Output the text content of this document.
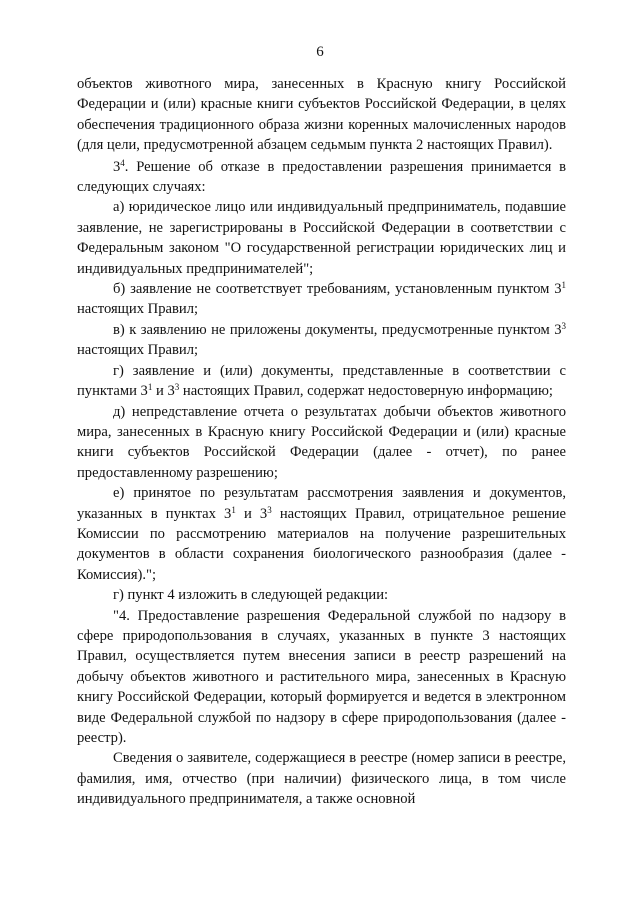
6

объектов животного мира, занесенных в Красную книгу Российской Федерации и (или) красные книги субъектов Российской Федерации, в целях обеспечения традиционного образа жизни коренных малочисленных народов (для цели, предусмотренной абзацем седьмым пункта 2 настоящих Правил).

$3^4$. Решение об отказе в предоставлении разрешения принимается в следующих случаях:

а) юридическое лицо или индивидуальный предприниматель, подавшие заявление, не зарегистрированы в Российской Федерации в соответствии с Федеральным законом "О государственной регистрации юридических лиц и индивидуальных предпринимателей";

б) заявление не соответствует требованиям, установленным пунктом $3^1$ настоящих Правил;

в) к заявлению не приложены документы, предусмотренные пунктом $3^3$ настоящих Правил;

г) заявление и (или) документы, представленные в соответствии с пунктами $3^1$ и $3^3$ настоящих Правил, содержат недостоверную информацию;

д) непредставление отчета о результатах добычи объектов животного мира, занесенных в Красную книгу Российской Федерации и (или) красные книги субъектов Российской Федерации (далее - отчет), по ранее предоставленному разрешению;

е) принятое по результатам рассмотрения заявления и документов, указанных в пунктах $3^1$ и $3^3$ настоящих Правил, отрицательное решение Комиссии по рассмотрению материалов на получение разрешительных документов в области сохранения биологического разнообразия (далее - Комиссия).";

г) пункт 4 изложить в следующей редакции:

"4. Предоставление разрешения Федеральной службой по надзору в сфере природопользования в случаях, указанных в пункте 3 настоящих Правил, осуществляется путем внесения записи в реестр разрешений на добычу объектов животного и растительного мира, занесенных в Красную книгу Российской Федерации, который формируется и ведется в электронном виде Федеральной службой по надзору в сфере природопользования (далее - реестр).

Сведения о заявителе, содержащиеся в реестре (номер записи в реестре, фамилия, имя, отчество (при наличии) физического лица, в том числе индивидуального предпринимателя, а также основной
